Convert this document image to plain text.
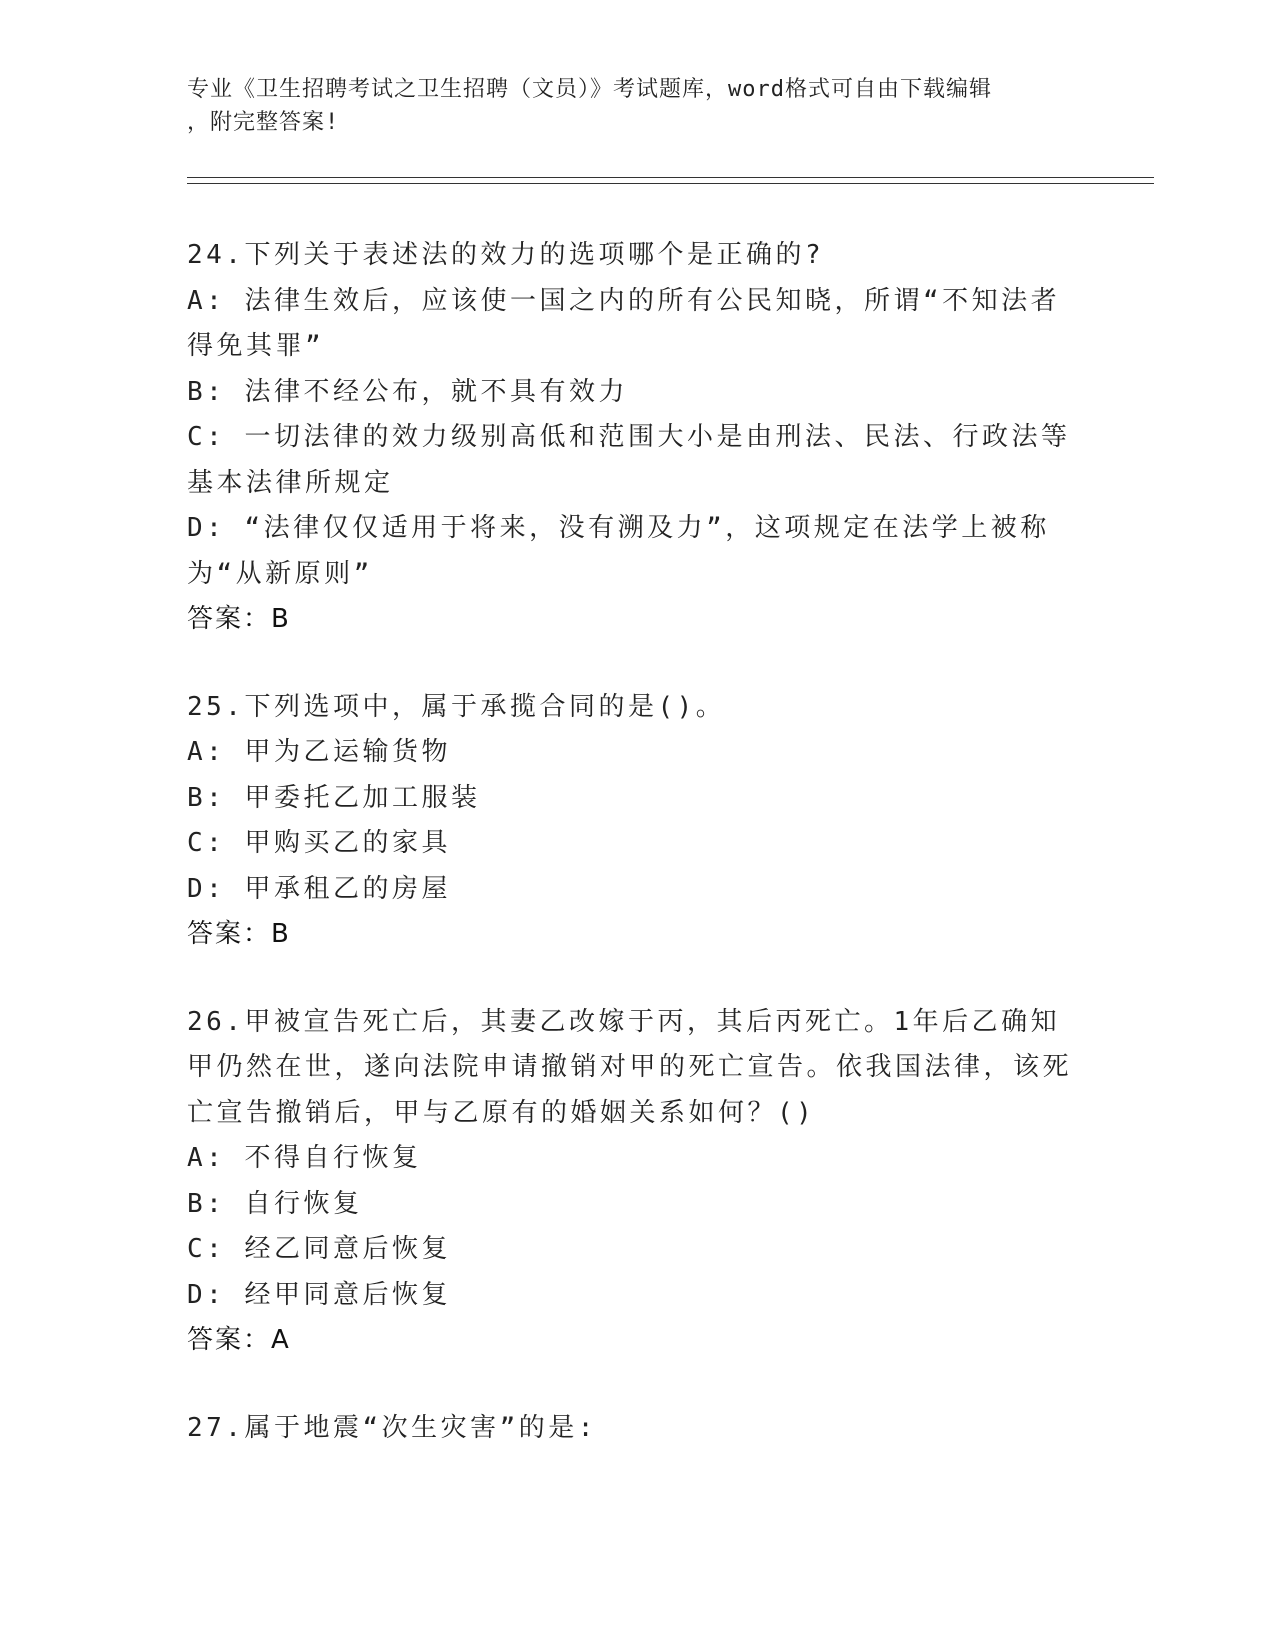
专业《卫生招聘考试之卫生招聘（文员）》考试题库，word格式可自由下载编辑
，附完整答案!
24.下列关于表述法的效力的选项哪个是正确的?
A: 法律生效后，应该使一国之内的所有公民知晓，所谓“不知法者得免其罪”
B: 法律不经公布，就不具有效力
C: 一切法律的效力级别高低和范围大小是由刑法、民法、行政法等基本法律所规定
D: “法律仅仅适用于将来，没有溯及力”，这项规定在法学上被称为“从新原则”
答案：B
25.下列选项中，属于承揽合同的是()。
A: 甲为乙运输货物
B: 甲委托乙加工服装
C: 甲购买乙的家具
D: 甲承租乙的房屋
答案：B
26.甲被宣告死亡后，其妻乙改嫁于丙，其后丙死亡。1年后乙确知甲仍然在世，遂向法院申请撤销对甲的死亡宣告。依我国法律，该死亡宣告撤销后，甲与乙原有的婚姻关系如何？()
A: 不得自行恢复
B: 自行恢复
C: 经乙同意后恢复
D: 经甲同意后恢复
答案：A
27.属于地震“次生灾害”的是:
